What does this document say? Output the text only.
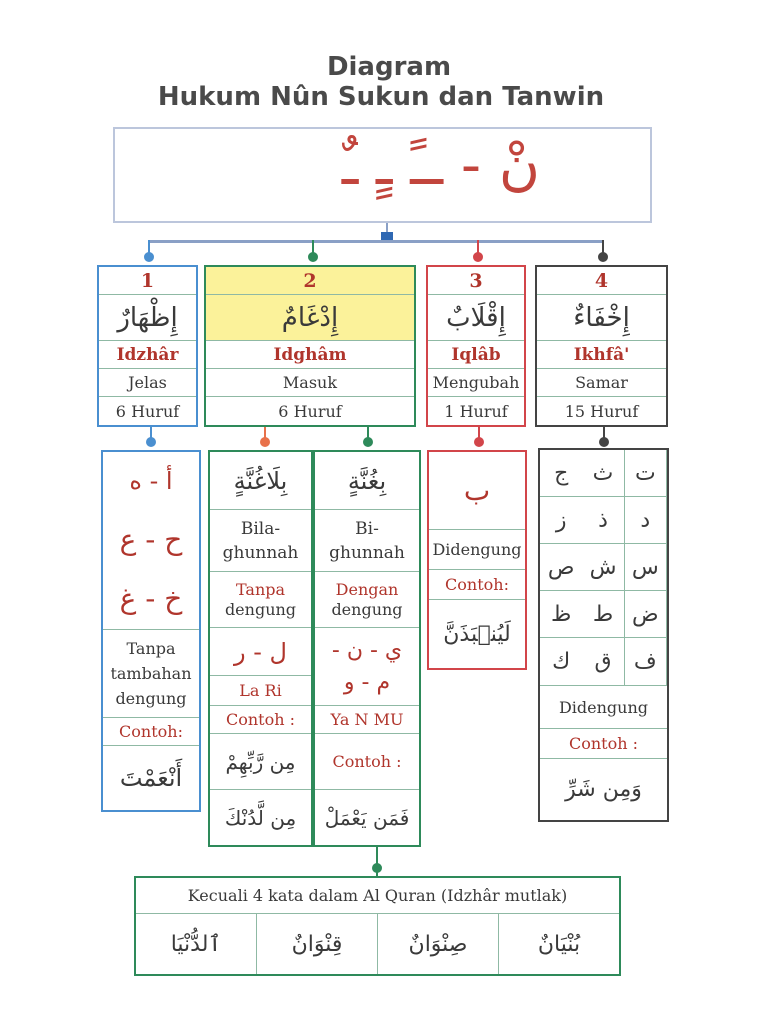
Diagram
Hukum Nûn Sukun dan Tanwin
نْ - ــً ـٍ ـٌ
1
إِظْهَارٌ
Idzhâr
Jelas
6 Huruf
2
إِدْغَامٌ
Idghâm
Masuk
6 Huruf
3
إِقْلَابٌ
Iqlâb
Mengubah
1 Huruf
4
إِخْفَاءٌ
Ikhfâ'
Samar
15 Huruf
أ - ه
ح - ع
خ - غ
Tanpa tambahan dengung
Contoh:
أَنْعَمْتَ
بِلَاغُنَّةٍ
Bila-
ghunnah
Tanpa
dengung
ل - ر
La Ri
Contoh :
مِن رَّبِّهِمْ
مِن لَّدُنْكَ
بِغُنَّةٍ
Bi-
ghunnah
Dengan
dengung
ي - ن -
م - و
Ya N MU
Contoh :
فَمَن يَعْمَلْ
ب
Didengung
Contoh:
لَيُنۢبَذَنَّ
ت
ث
ج
د
ذ
ز
س
ش
ص
ض
ط
ظ
ف
ق
ك
Didengung
Contoh :
وَمِن شَرِّ
Kecuali 4 kata dalam Al Quran (Idzhâr mutlak)
بُنْيَانٌ
صِنْوَانٌ
قِنْوَانٌ
ٱلدُّنْيَا
